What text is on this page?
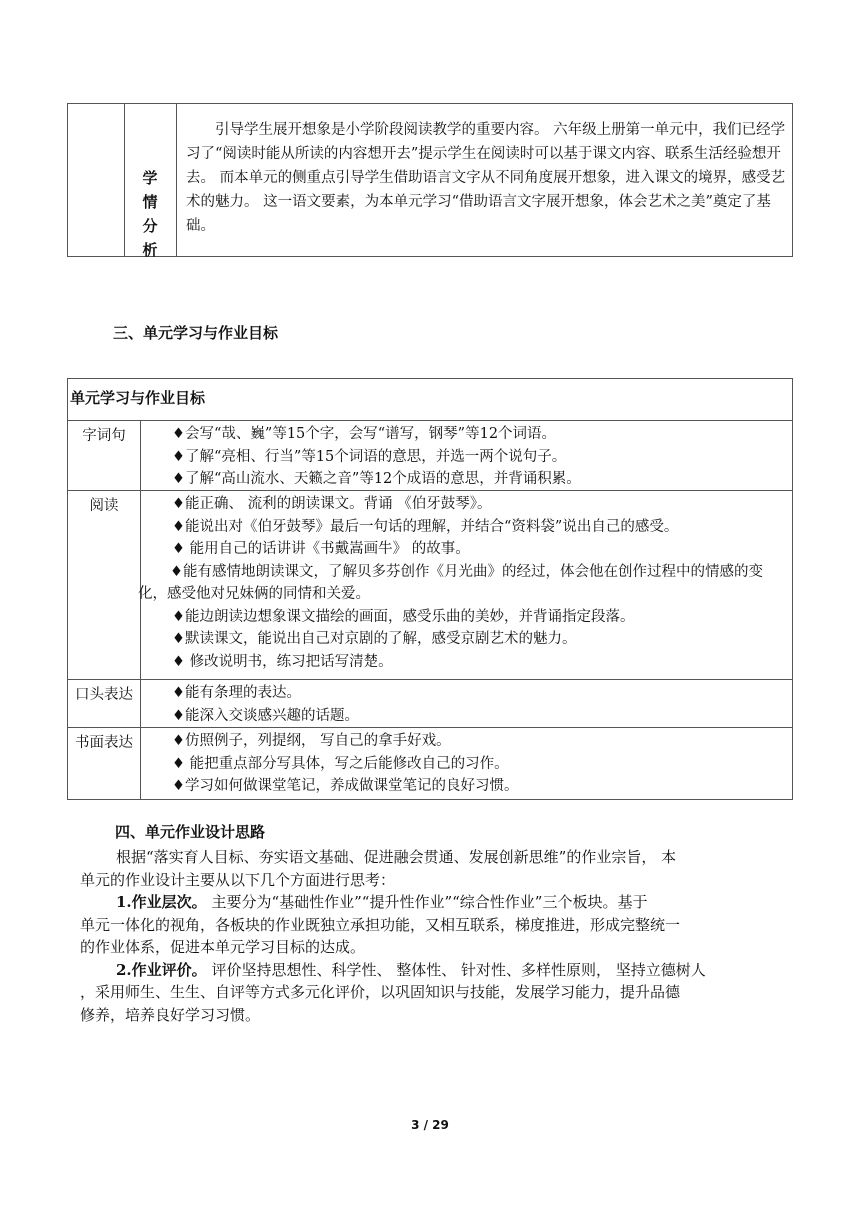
学
情
分
析
引导学生展开想象是小学阶段阅读教学的重要内容。 六年级上册第一单元中，我们已经学习了“阅读时能从所读的内容想开去”提示学生在阅读时可以基于课文内容、联系生活经验想开去。 而本单元的侧重点引导学生借助语言文字从不同角度展开想象，进入课文的境界，感受艺术的魅力。 这一语文要素，为本单元学习“借助语言文字展开想象，体会艺术之美”奠定了基础。
三、单元学习与作业目标
单元学习与作业目标
字词句	♦会写“哉、巍”等15个字，会写“谱写，钢琴”等12个词语。
♦了解“亮相、行当”等15个词语的意思，并选一两个说句子。
♦了解“高山流水、天籁之音”等12个成语的意思，并背诵积累。
阅读	♦能正确、 流利的朗读课文。背诵 《伯牙鼓琴》。
♦能说出对《伯牙鼓琴》最后一句话的理解，并结合“资料袋”说出自己的感受。
♦ 能用自己的话讲讲《书戴嵩画牛》 的故事。
♦能有感情地朗读课文，了解贝多芬创作《月光曲》的经过，体会他在创作过程中的情感的变化，感受他对兄妹俩的同情和关爱。
♦能边朗读边想象课文描绘的画面，感受乐曲的美妙，并背诵指定段落。
♦默读课文，能说出自己对京剧的了解，感受京剧艺术的魅力。
♦ 修改说明书，练习把话写清楚。
口头表达	♦能有条理的表达。
♦能深入交谈感兴趣的话题。
书面表达	♦仿照例子，列提纲， 写自己的拿手好戏。
♦ 能把重点部分写具体，写之后能修改自己的习作。
♦学习如何做课堂笔记，养成做课堂笔记的良好习惯。
四、单元作业设计思路
根据“落实育人目标、夯实语文基础、促进融会贯通、发展创新思维”的作业宗旨， 本
单元的作业设计主要从以下几个方面进行思考：
1.作业层次。 主要分为“基础性作业”“提升性作业”“综合性作业”三个板块。基于
单元一体化的视角，各板块的作业既独立承担功能，又相互联系，梯度推进，形成完整统一
的作业体系，促进本单元学习目标的达成。
2.作业评价。 评价坚持思想性、科学性、 整体性、 针对性、多样性原则， 坚持立德树人
，采用师生、生生、自评等方式多元化评价，以巩固知识与技能，发展学习能力，提升品德
修养，培养良好学习习惯。
3 / 29
